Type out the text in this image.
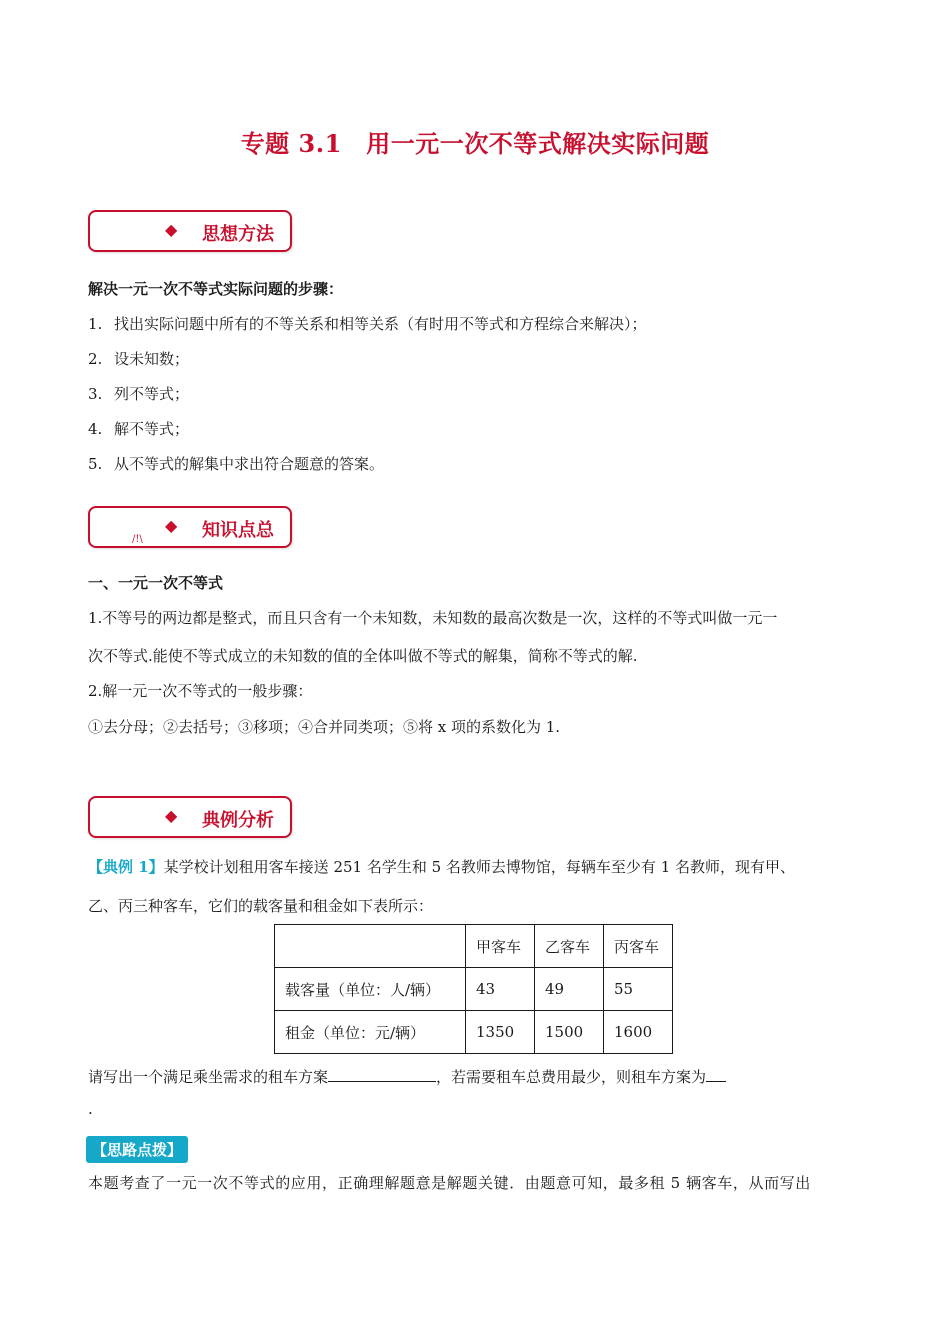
专题 3.1　用一元一次不等式解决实际问题
◆ 思想方法
解决一元一次不等式实际问题的步骤：
1. 找出实际问题中所有的不等关系和相等关系（有时用不等式和方程综合来解决）；
2. 设未知数；
3. 列不等式；
4. 解不等式；
5. 从不等式的解集中求出符合题意的答案。
◆ 知识点总
/!\
一、一元一次不等式
1.不等号的两边都是整式，而且只含有一个未知数，未知数的最高次数是一次，这样的不等式叫做一元一
次不等式.能使不等式成立的未知数的值的全体叫做不等式的解集，简称不等式的解.
2.解一元一次不等式的一般步骤：
①去分母；②去括号；③移项；④合并同类项；⑤将 x 项的系数化为 1.
◆ 典例分析
【典例 1】某学校计划租用客车接送 251 名学生和 5 名教师去博物馆，每辆车至少有 1 名教师，现有甲、
乙、丙三种客车，它们的载客量和租金如下表所示：
	甲客车	乙客车	丙客车
载客量（单位：人/辆）	43	49	55
租金（单位：元/辆）	1350	1500	1600
请写出一个满足乘坐需求的租车方案	，若需要租车总费用最少，则租车方案为
.
【思路点拨】
本题考查了一元一次不等式的应用，正确理解题意是解题关键．由题意可知，最多租 5 辆客车，从而写出
